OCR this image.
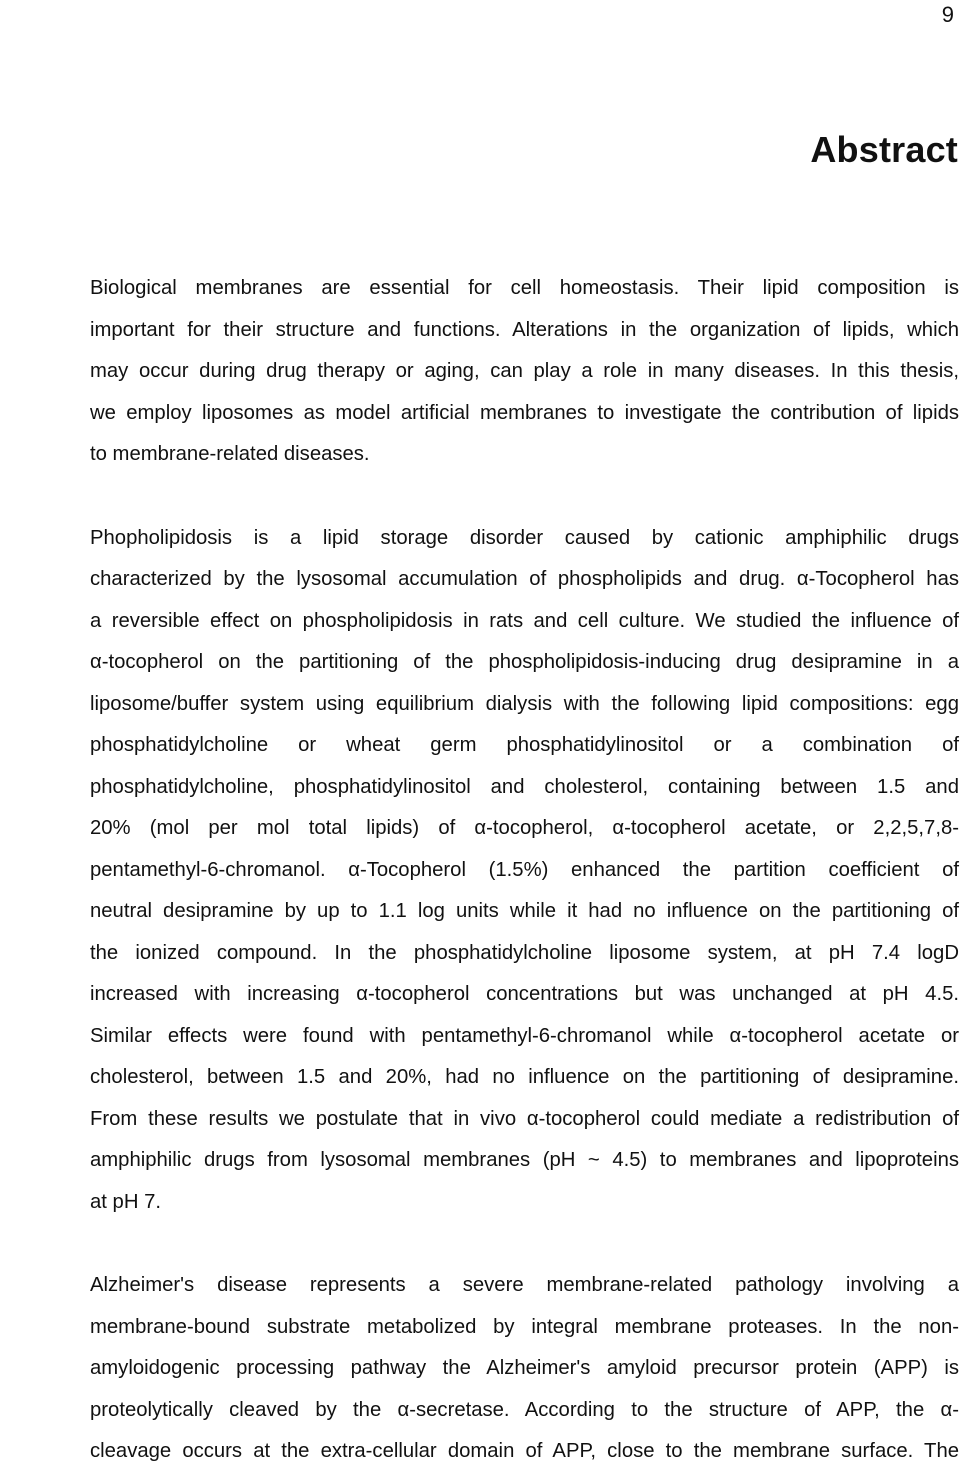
9
Abstract

Biological membranes are essential for cell homeostasis. Their lipid composition is
important for their structure and functions. Alterations in the organization of lipids, which
may occur during drug therapy or aging, can play a role in many diseases. In this thesis,
we employ liposomes as model artificial membranes to investigate the contribution of lipids
to membrane-related diseases.

Phopholipidosis is a lipid storage disorder caused by cationic amphiphilic drugs
characterized by the lysosomal accumulation of phospholipids and drug. α-Tocopherol has
a reversible effect on phospholipidosis in rats and cell culture. We studied the influence of
α-tocopherol on the partitioning of the phospholipidosis-inducing drug desipramine in a
liposome/buffer system using equilibrium dialysis with the following lipid compositions: egg
phosphatidylcholine or wheat germ phosphatidylinositol or a combination of
phosphatidylcholine, phosphatidylinositol and cholesterol, containing between 1.5 and
20% (mol per mol total lipids) of α-tocopherol, α-tocopherol acetate, or 2,2,5,7,8-
pentamethyl-6-chromanol. α-Tocopherol (1.5%) enhanced the partition coefficient of
neutral desipramine by up to 1.1 log units while it had no influence on the partitioning of
the ionized compound. In the phosphatidylcholine liposome system, at pH 7.4 logD
increased with increasing α-tocopherol concentrations but was unchanged at pH 4.5.
Similar effects were found with pentamethyl-6-chromanol while α-tocopherol acetate or
cholesterol, between 1.5 and 20%, had no influence on the partitioning of desipramine.
From these results we postulate that in vivo α-tocopherol could mediate a redistribution of
amphiphilic drugs from lysosomal membranes (pH ~ 4.5) to membranes and lipoproteins
at pH 7.

Alzheimer's disease represents a severe membrane-related pathology involving a
membrane-bound substrate metabolized by integral membrane proteases. In the non-
amyloidogenic processing pathway the Alzheimer's amyloid precursor protein (APP) is
proteolytically cleaved by the α-secretase. According to the structure of APP, the α-
cleavage occurs at the extra-cellular domain of APP, close to the membrane surface. The
